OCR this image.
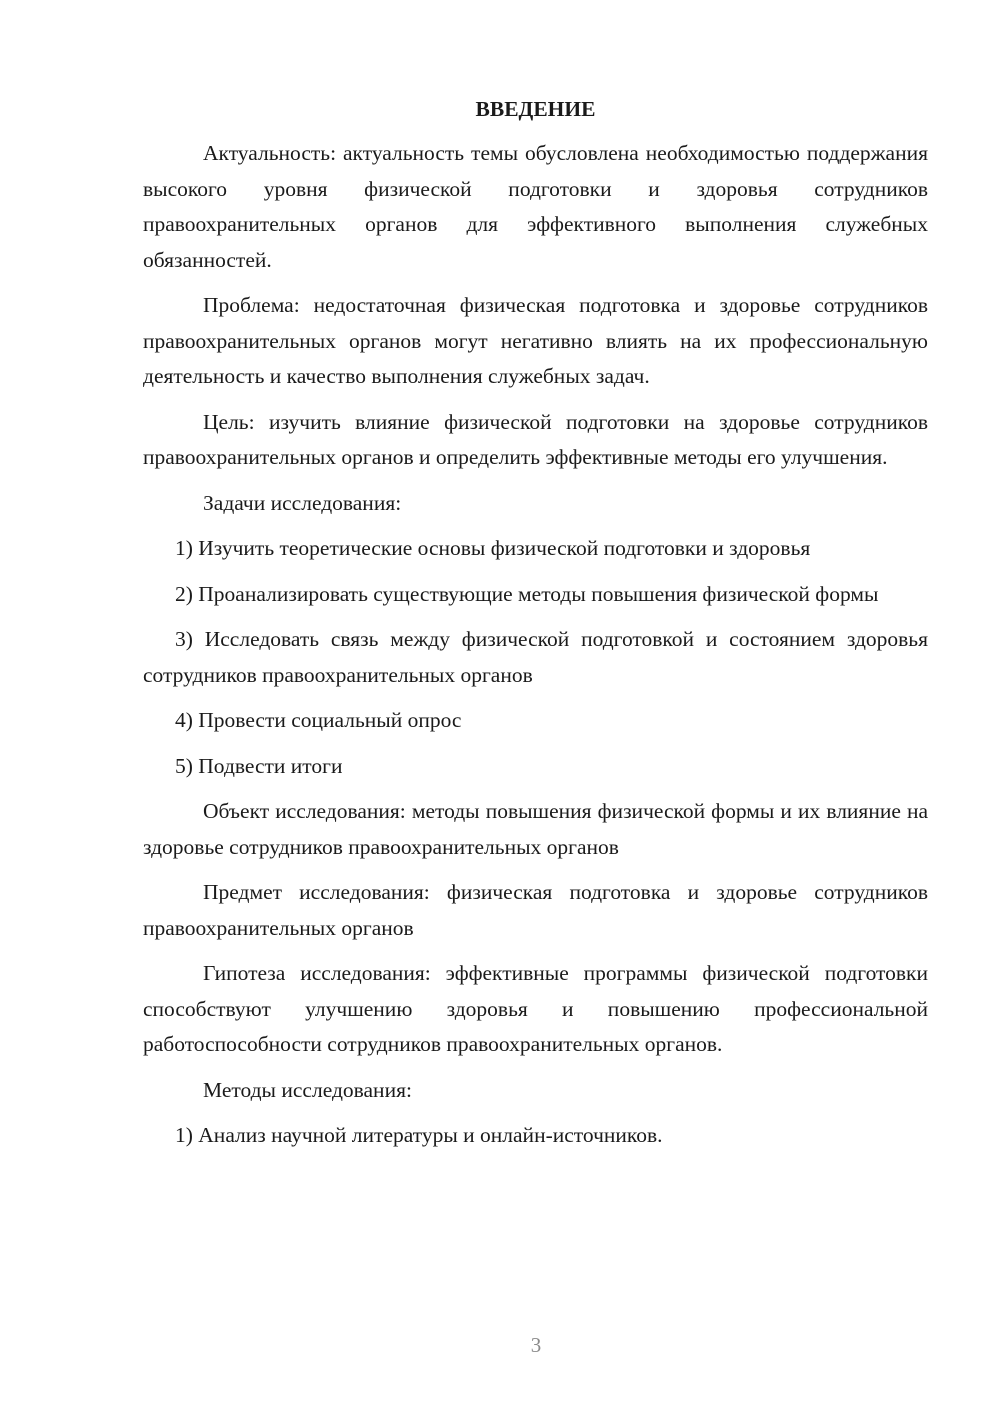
ВВЕДЕНИЕ

Актуальность: актуальность темы обусловлена необходимостью поддержания высокого уровня физической подготовки и здоровья сотрудников правоохранительных органов для эффективного выполнения служебных обязанностей.

Проблема: недостаточная физическая подготовка и здоровье сотрудников правоохранительных органов могут негативно влиять на их профессиональную деятельность и качество выполнения служебных задач.

Цель: изучить влияние физической подготовки на здоровье сотрудников правоохранительных органов и определить эффективные методы его улучшения.

Задачи исследования:

1) Изучить теоретические основы физической подготовки и здоровья

2) Проанализировать существующие методы повышения физической формы

3) Исследовать связь между физической подготовкой и состоянием здоровья сотрудников правоохранительных органов

4) Провести социальный опрос

5) Подвести итоги

Объект исследования: методы повышения физической формы и их влияние на здоровье сотрудников правоохранительных органов

Предмет исследования: физическая подготовка и здоровье сотрудников правоохранительных органов

Гипотеза исследования: эффективные программы физической подготовки способствуют улучшению здоровья и повышению профессиональной работоспособности сотрудников правоохранительных органов.

Методы исследования:

1) Анализ научной литературы и онлайн-источников.

3
